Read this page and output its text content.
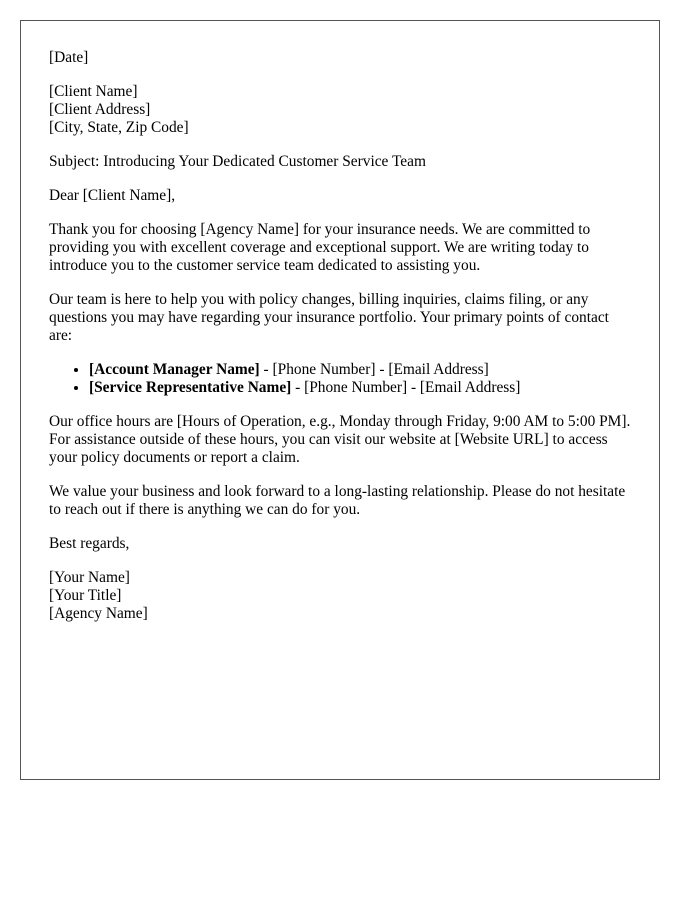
[Date]
[Client Name]
[Client Address]
[City, State, Zip Code]

Subject: Introducing Your Dedicated Customer Service Team

Dear [Client Name],

Thank you for choosing [Agency Name] for your insurance needs. We are committed to providing you with excellent coverage and exceptional support. We are writing today to introduce you to the customer service team dedicated to assisting you.

Our team is here to help you with policy changes, billing inquiries, claims filing, or any questions you may have regarding your insurance portfolio. Your primary points of contact are:

• [Account Manager Name] - [Phone Number] - [Email Address]
• [Service Representative Name] - [Phone Number] - [Email Address]

Our office hours are [Hours of Operation, e.g., Monday through Friday, 9:00 AM to 5:00 PM]. For assistance outside of these hours, you can visit our website at [Website URL] to access your policy documents or report a claim.

We value your business and look forward to a long-lasting relationship. Please do not hesitate to reach out if there is anything we can do for you.

Best regards,

[Your Name]
[Your Title]
[Agency Name]
